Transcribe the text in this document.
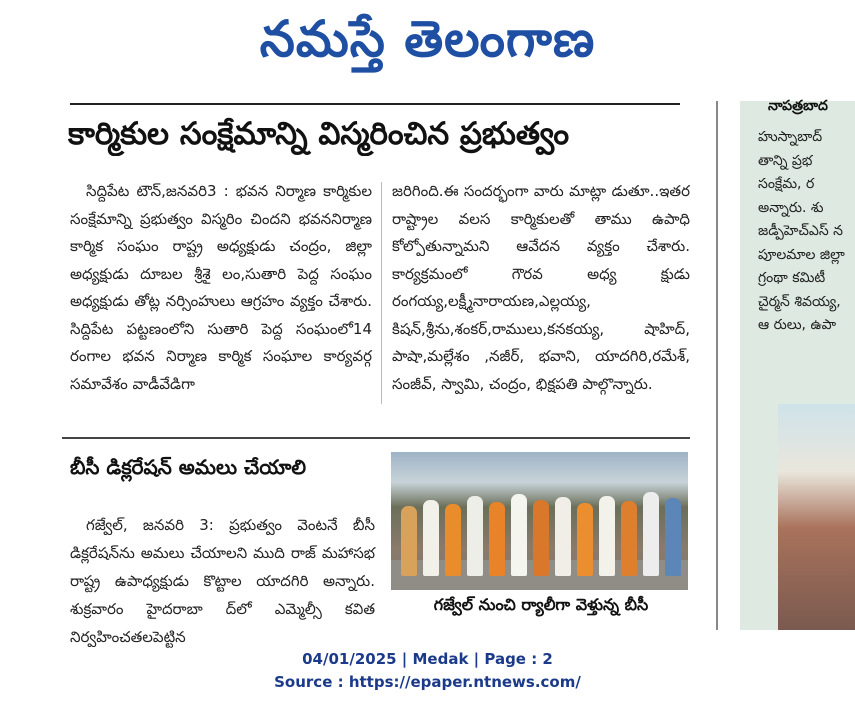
నమస్తే తెలంగాణ
కార్మికుల సంక్షేమాన్ని విస్మరించిన ప్రభుత్వం
సిద్దిపేట టౌన్,జనవరి3 : భవన నిర్మాణ కార్మికుల సంక్షేమాన్ని ప్రభుత్వం విస్మరిం చిందని భవననిర్మాణ కార్మిక సంఘం రాష్ట్ర అధ్యక్షుడు చంద్రం, జిల్లా అధ్యక్షుడు దూబల శ్రీశై లం,సుతారి పెద్ద సంఘం అధ్యక్షుడు తోట్ల నర్సింహులు ఆగ్రహం వ్యక్తం చేశారు. సిద్దిపేట పట్టణంలోని సుతారి పెద్ద సంఘంలో14 రంగాల భవన నిర్మాణ కార్మిక సంఘాల కార్యవర్గ సమావేశం వాడీవేడిగా
జరిగింది.ఈ సందర్భంగా వారు మాట్లా డుతూ..ఇతర రాష్ట్రాల వలస కార్మికులతో తాము ఉపాధి కోల్పోతున్నామని ఆవేదన వ్యక్తం చేశారు. కార్యక్రమంలో గౌరవ అధ్య క్షుడు రంగయ్య,లక్ష్మీనారాయణ,ఎల్లయ్య, కిషన్,శ్రీను,శంకర్,రాములు,కనకయ్య, షాహిద్, పాషా,మల్లేశం ,నజీర్, భవాని, యాదగిరి,రమేశ్, సంజీవ్, స్వామి, చంద్రం, భిక్షపతి పాల్గొన్నారు.
బీసీ డిక్లరేషన్ అమలు చేయాలి
గజ్వేల్, జనవరి 3: ప్రభుత్వం వెంటనే బీసీ డిక్లరేషన్‌ను అమలు చేయాలని ముది రాజ్ మహాసభ రాష్ట్ర ఉపాధ్యక్షుడు కొట్టాల యాదగిరి అన్నారు. శుక్రవారం హైదరాబా ద్‌లో ఎమ్మెల్సీ కవిత నిర్వహించతలపెట్టిన
గజ్వేల్ నుంచి ర్యాలీగా వెళ్తున్న బీసీ
నాపత్రబాద
హుస్నాబాద్ తాన్ని ప్రభ సంక్షేమ, ర అన్నారు. శు జడ్పీహెచ్ఎస్ న పూలమాల జిల్లా గ్రంథా కమిటీ చైర్మన్ శివయ్య, ఆ రులు, ఉపా
04/01/2025 | Medak | Page : 2
Source : https://epaper.ntnews.com/
